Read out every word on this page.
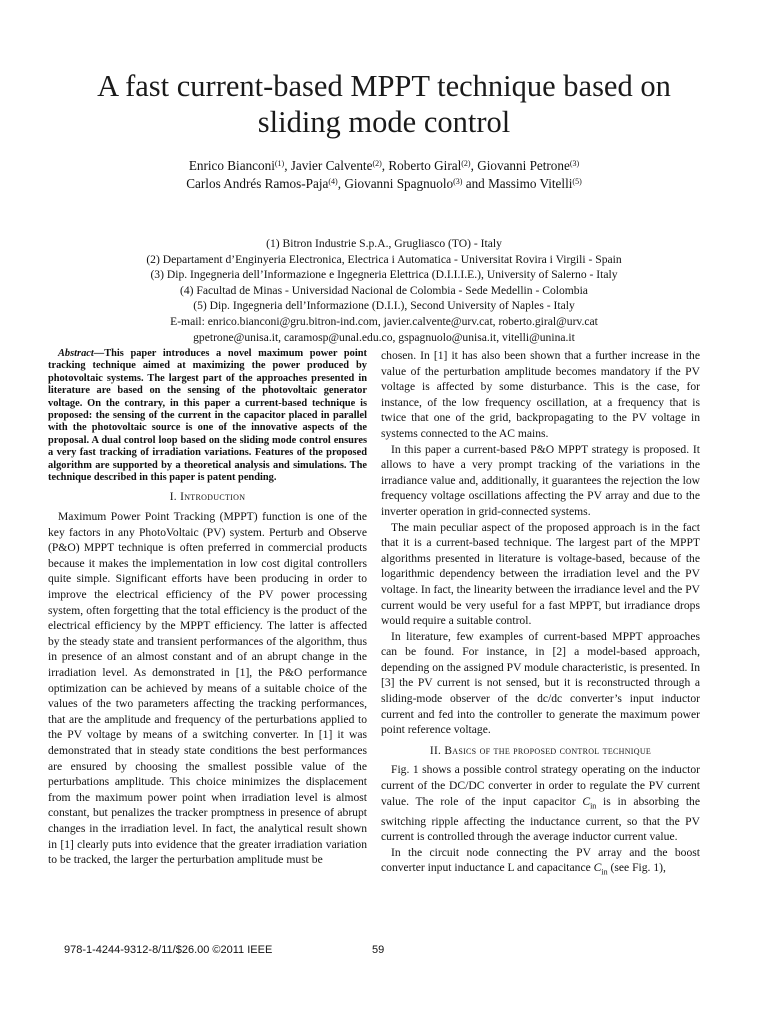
A fast current-based MPPT technique based on
sliding mode control
Enrico Bianconi$^{(1)}$, Javier Calvente$^{(2)}$, Roberto Giral$^{(2)}$, Giovanni Petrone$^{(3)}$
Carlos Andrés Ramos-Paja$^{(4)}$, Giovanni Spagnuolo$^{(3)}$ and Massimo Vitelli$^{(5)}$
(1) Bitron Industrie S.p.A., Grugliasco (TO) - Italy
(2) Departament d’Enginyeria Electronica, Electrica i Automatica - Universitat Rovira i Virgili - Spain
(3) Dip. Ingegneria dell’Informazione e Ingegneria Elettrica (D.I.I.I.E.), University of Salerno - Italy
(4) Facultad de Minas - Universidad Nacional de Colombia - Sede Medellin - Colombia
(5) Dip. Ingegneria dell’Informazione (D.I.I.), Second University of Naples - Italy
E-mail: enrico.bianconi@gru.bitron-ind.com, javier.calvente@urv.cat, roberto.giral@urv.cat
gpetrone@unisa.it, caramosp@unal.edu.co, gspagnuolo@unisa.it, vitelli@unina.it

Abstract—This paper introduces a novel maximum power point tracking technique aimed at maximizing the power produced by photovoltaic systems. The largest part of the approaches presented in literature are based on the sensing of the photovoltaic generator voltage. On the contrary, in this paper a current-based technique is proposed: the sensing of the current in the capacitor placed in parallel with the photovoltaic source is one of the innovative aspects of the proposal. A dual control loop based on the sliding mode control ensures a very fast tracking of irradiation variations. Features of the proposed algorithm are supported by a theoretical analysis and simulations. The technique described in this paper is patent pending.

I. Introduction

Maximum Power Point Tracking (MPPT) function is one of the key factors in any PhotoVoltaic (PV) system. Perturb and Observe (P&O) MPPT technique is often preferred in commercial products because it makes the implementation in low cost digital controllers quite simple. Significant efforts have been producing in order to improve the electrical efficiency of the PV power processing system, often forgetting that the total efficiency is the product of the electrical efficiency by the MPPT efficiency. The latter is affected by the steady state and transient performances of the algorithm, thus in presence of an almost constant and of an abrupt change in the irradiation level. As demonstrated in [1], the P&O performance optimization can be achieved by means of a suitable choice of the values of the two parameters affecting the tracking performances, that are the amplitude and frequency of the perturbations applied to the PV voltage by means of a switching converter. In [1] it was demonstrated that in steady state conditions the best performances are ensured by choosing the smallest possible value of the perturbations amplitude. This choice minimizes the displacement from the maximum power point when irradiation level is almost constant, but penalizes the tracker promptness in presence of abrupt changes in the irradiation level. In fact, the analytical result shown in [1] clearly puts into evidence that the greater irradiation variation to be tracked, the larger the perturbation amplitude must be

chosen. In [1] it has also been shown that a further increase in the value of the perturbation amplitude becomes mandatory if the PV voltage is affected by some disturbance. This is the case, for instance, of the low frequency oscillation, at a frequency that is twice that one of the grid, backpropagating to the PV voltage in systems connected to the AC mains.

In this paper a current-based P&O MPPT strategy is proposed. It allows to have a very prompt tracking of the variations in the irradiance value and, additionally, it guarantees the rejection the low frequency voltage oscillations affecting the PV array and due to the inverter operation in grid-connected systems.

The main peculiar aspect of the proposed approach is in the fact that it is a current-based technique. The largest part of the MPPT algorithms presented in literature is voltage-based, because of the logarithmic dependency between the irradiation level and the PV voltage. In fact, the linearity between the irradiance level and the PV current would be very useful for a fast MPPT, but irradiance drops would require a suitable control.

In literature, few examples of current-based MPPT approaches can be found. For instance, in [2] a model-based approach, depending on the assigned PV module characteristic, is presented. In [3] the PV current is not sensed, but it is reconstructed through a sliding-mode observer of the dc/dc converter’s input inductor current and fed into the controller to generate the maximum power point reference voltage.

II. Basics of the proposed control technique

Fig. 1 shows a possible control strategy operating on the inductor current of the DC/DC converter in order to regulate the PV current value. The role of the input capacitor $C_{in}$ is in absorbing the switching ripple affecting the inductance current, so that the PV current is controlled through the average inductor current value.

In the circuit node connecting the PV array and the boost converter input inductance L and capacitance $C_{in}$ (see Fig. 1),

978-1-4244-9312-8/11/$26.00 ©2011 IEEE	59
